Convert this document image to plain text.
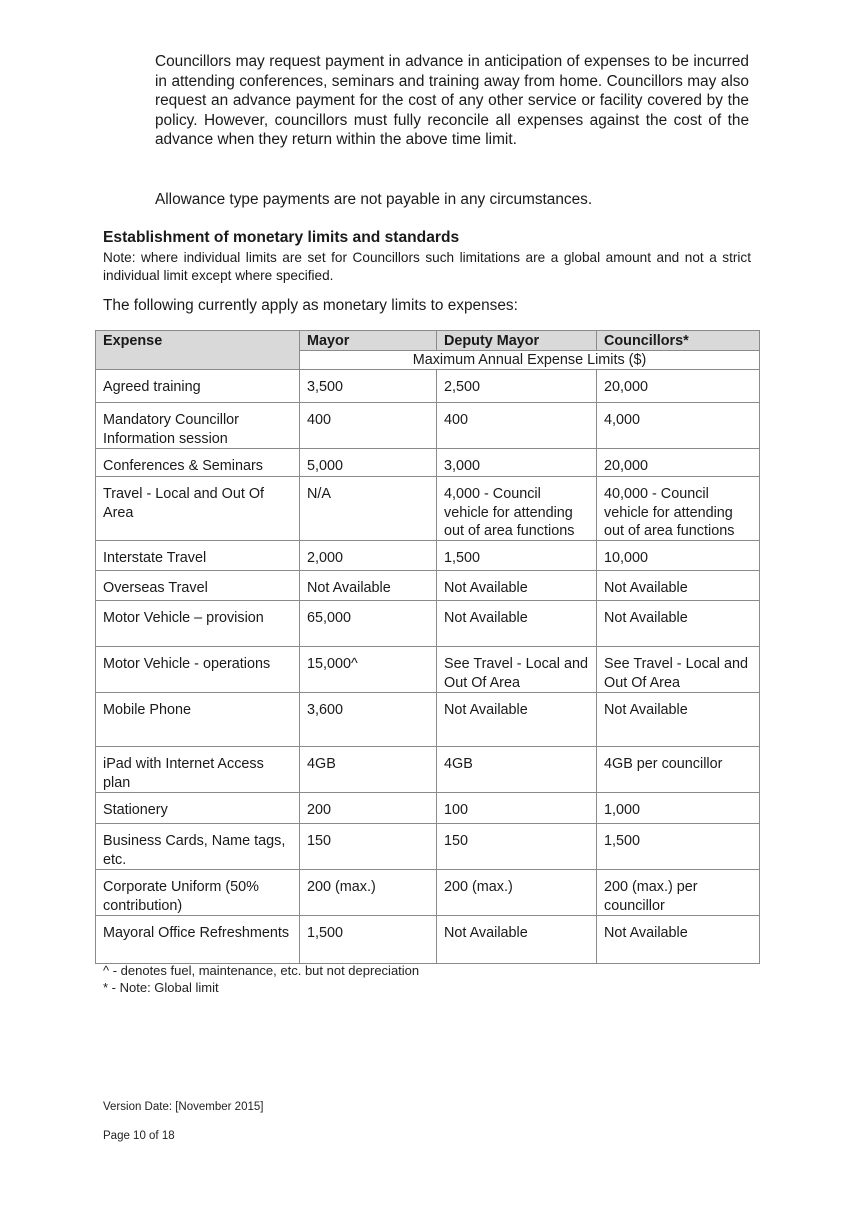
Councillors may request payment in advance in anticipation of expenses to be incurred in attending conferences, seminars and training away from home. Councillors may also request an advance payment for the cost of any other service or facility covered by the policy. However, councillors must fully reconcile all expenses against the cost of the advance when they return within the above time limit.

Allowance type payments are not payable in any circumstances.

Establishment of monetary limits and standards

Note: where individual limits are set for Councillors such limitations are a global amount and not a strict individual limit except where specified.

The following currently apply as monetary limits to expenses:

Expense	Mayor	Deputy Mayor	Councillors*
	Maximum Annual Expense Limits ($)		
Agreed training	3,500	2,500	20,000
Mandatory Councillor Information session	400	400	4,000
Conferences & Seminars	5,000	3,000	20,000
Travel - Local and Out Of Area	N/A	4,000 - Council vehicle for attending out of area functions	40,000 - Council vehicle for attending out of area functions
Interstate Travel	2,000	1,500	10,000
Overseas Travel	Not Available	Not Available	Not Available
Motor Vehicle – provision	65,000	Not Available	Not Available
Motor Vehicle - operations	15,000^	See Travel - Local and Out Of Area	See Travel - Local and Out Of Area
Mobile Phone	3,600	Not Available	Not Available
iPad with Internet Access plan	4GB	4GB	4GB per councillor
Stationery	200	100	1,000
Business Cards, Name tags, etc.	150	150	1,500
Corporate Uniform (50% contribution)	200 (max.)	200 (max.)	200 (max.) per councillor
Mayoral Office Refreshments	1,500	Not Available	Not Available

^ - denotes fuel, maintenance, etc. but not depreciation

* - Note: Global limit

Version Date: [November 2015]

Page 10 of 18
